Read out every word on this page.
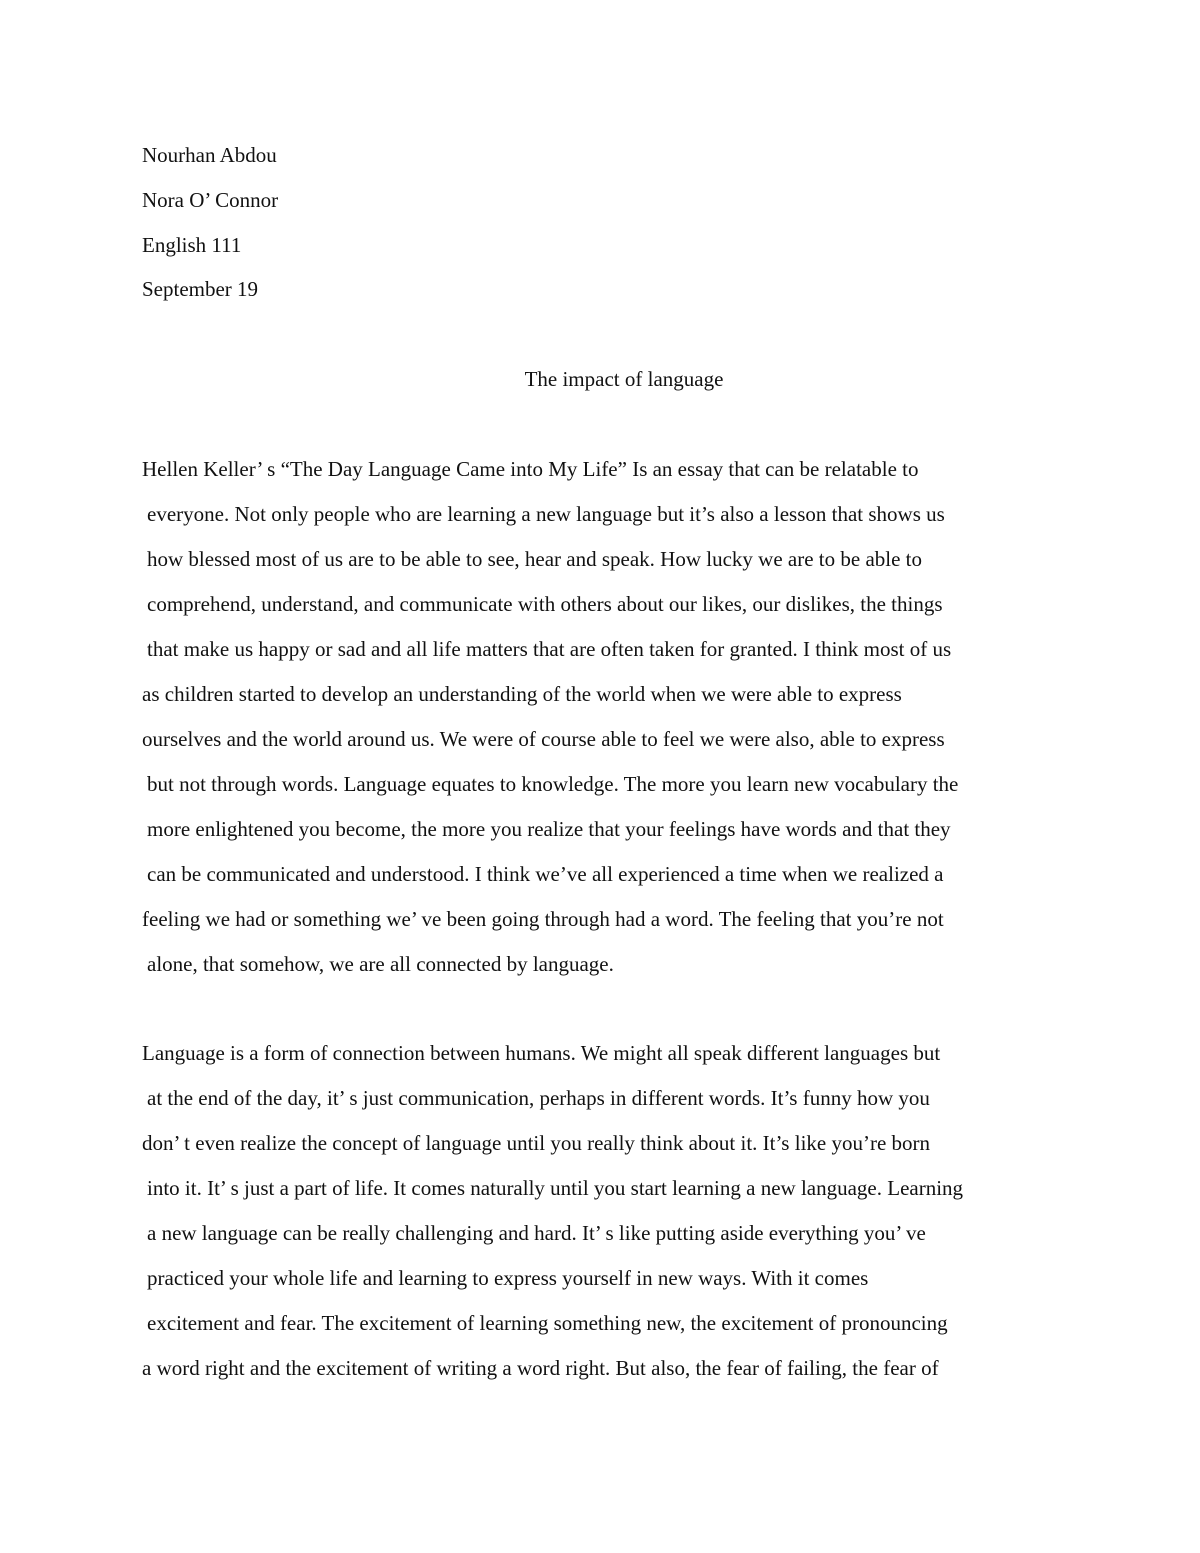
Nourhan Abdou
Nora O’ Connor
English 111
September 19
The impact of language
Hellen Keller’ s “The Day Language Came into My Life” Is an essay that can be relatable to
everyone. Not only people who are learning a new language but it’s also a lesson that shows us
how blessed most of us are to be able to see, hear and speak. How lucky we are to be able to
comprehend, understand, and communicate with others about our likes, our dislikes, the things
that make us happy or sad and all life matters that are often taken for granted. I think most of us
as children started to develop an understanding of the world when we were able to express
ourselves and the world around us. We were of course able to feel we were also, able to express
but not through words. Language equates to knowledge. The more you learn new vocabulary the
more enlightened you become, the more you realize that your feelings have words and that they
can be communicated and understood. I think we’ve all experienced a time when we realized a
feeling we had or something we’ ve been going through had a word. The feeling that you’re not
alone, that somehow, we are all connected by language.
Language is a form of connection between humans. We might all speak different languages but
at the end of the day, it’ s just communication, perhaps in different words. It’s funny how you
don’ t even realize the concept of language until you really think about it. It’s like you’re born
into it. It’ s just a part of life. It comes naturally until you start learning a new language. Learning
a new language can be really challenging and hard. It’ s like putting aside everything you’ ve
practiced your whole life and learning to express yourself in new ways. With it comes
excitement and fear. The excitement of learning something new, the excitement of pronouncing
a word right and the excitement of writing a word right. But also, the fear of failing, the fear of
